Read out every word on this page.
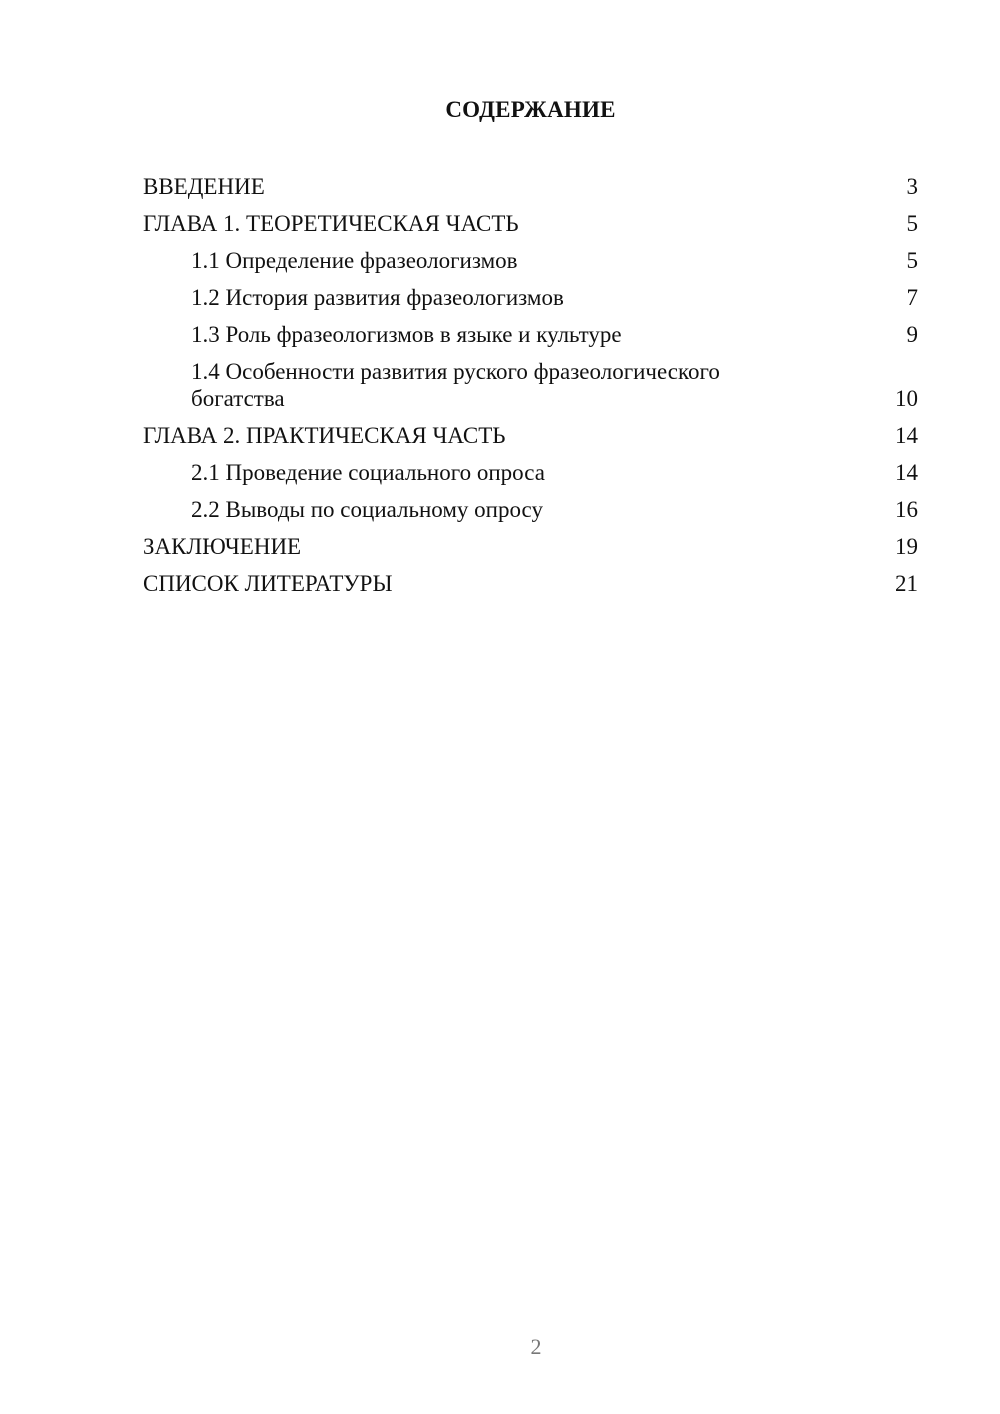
СОДЕРЖАНИЕ
ВВЕДЕНИЕ	3
ГЛАВА 1. ТЕОРЕТИЧЕСКАЯ ЧАСТЬ	5
1.1 Определение фразеологизмов	5
1.2 История развития фразеологизмов	7
1.3 Роль фразеологизмов в языке и культуре	9
1.4 Особенности развития руского фразеологического богатства	10
ГЛАВА 2. ПРАКТИЧЕСКАЯ ЧАСТЬ	14
2.1 Проведение социального опроса	14
2.2 Выводы по социальному опросу	16
ЗАКЛЮЧЕНИЕ	19
СПИСОК ЛИТЕРАТУРЫ	21
2
